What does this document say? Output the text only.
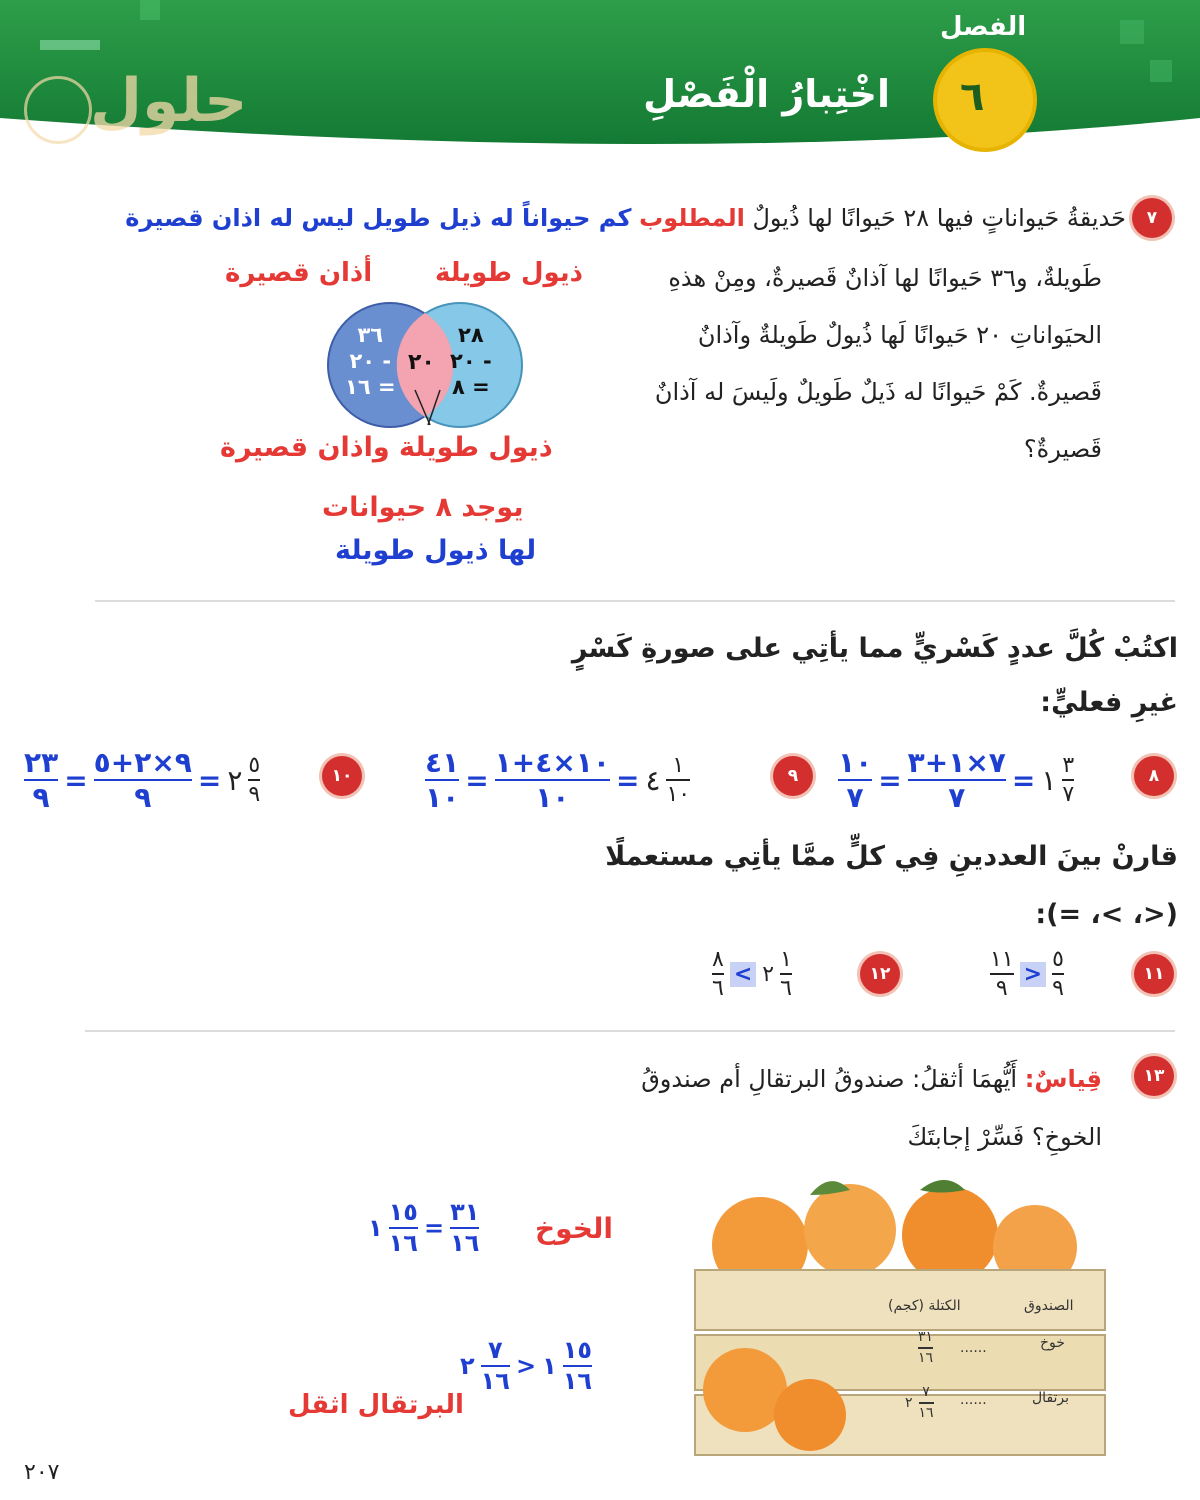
الفصل
٦
اخْتِبارُ الْفَصْلِ
حلول
٧
حَديقةُ حَيواناتٍ فيها ٢٨ حَيوانًا لها ذُيولٌ المطلوب كم حيواناً له ذيل طويل ليس له اذان قصيرة
طَويلةٌ، و٣٦ حَيوانًا لها آذانٌ قَصيرةٌ، ومِنْ هذهِ
الحيَواناتِ ٢٠ حَيوانًا لَها ذُيولٌ طَويلةٌ وآذانٌ
قَصيرةٌ. كَمْ حَيوانًا له ذَيلٌ طَويلٌ ولَيسَ له آذانٌ
قَصيرةٌ؟
ذيول طويلة
أذان قصيرة
٣٦
٢٠ -
١٦ =
٢٠
٢٨
٢٠ -
٨ =
ذيول طويلة واذان قصيرة
يوجد ٨ حيوانات
لها ذيول طويلة
اكتُبْ كُلَّ عددٍ كَسْريٍّ مما يأتِي على صورةِ كَسْرٍ
غيرِ فعليٍّ:
٨
$\frac{١٠}{٧} = \frac{٧\times ١+٣}{٧}$ = ١ $\frac{٣}{٧}$
٩
$\frac{٤١}{١٠} = \frac{١٠\times ٤+١}{١٠}$ = ٤ $\frac{١}{١٠}$
١٠
$\frac{٢٣}{٩} = \frac{٩\times ٢+٥}{٩}$ = ٢ $\frac{٥}{٩}$
قارنْ بينَ العددينِ فِي كلٍّ ممَّا يأتِي مستعملًا
(<، >، =):
١١
$\frac{١١}{٩} > \frac{٥}{٩}$
١٢
$\frac{٨}{٦}$ < ٢ $\frac{١}{٦}$
١٣
قِياسٌ: أَيُّهمَا أثقلُ: صندوقُ البرتقالِ أم صندوقُ
الخوخِ؟ فَسِّرْ إجابتَكَ
الخوخ
١ $\frac{١٥}{١٦} = \frac{٣١}{١٦}$
٢ $\frac{٧}{١٦}$ > ١ $\frac{١٥}{١٦}$
البرتقال اثقل
الصندوق
الكتلة (كجم)
خوخ
......
$\frac{٣١}{١٦}$
برتقال
......
٢ $\frac{٧}{١٦}$
٢٠٧
